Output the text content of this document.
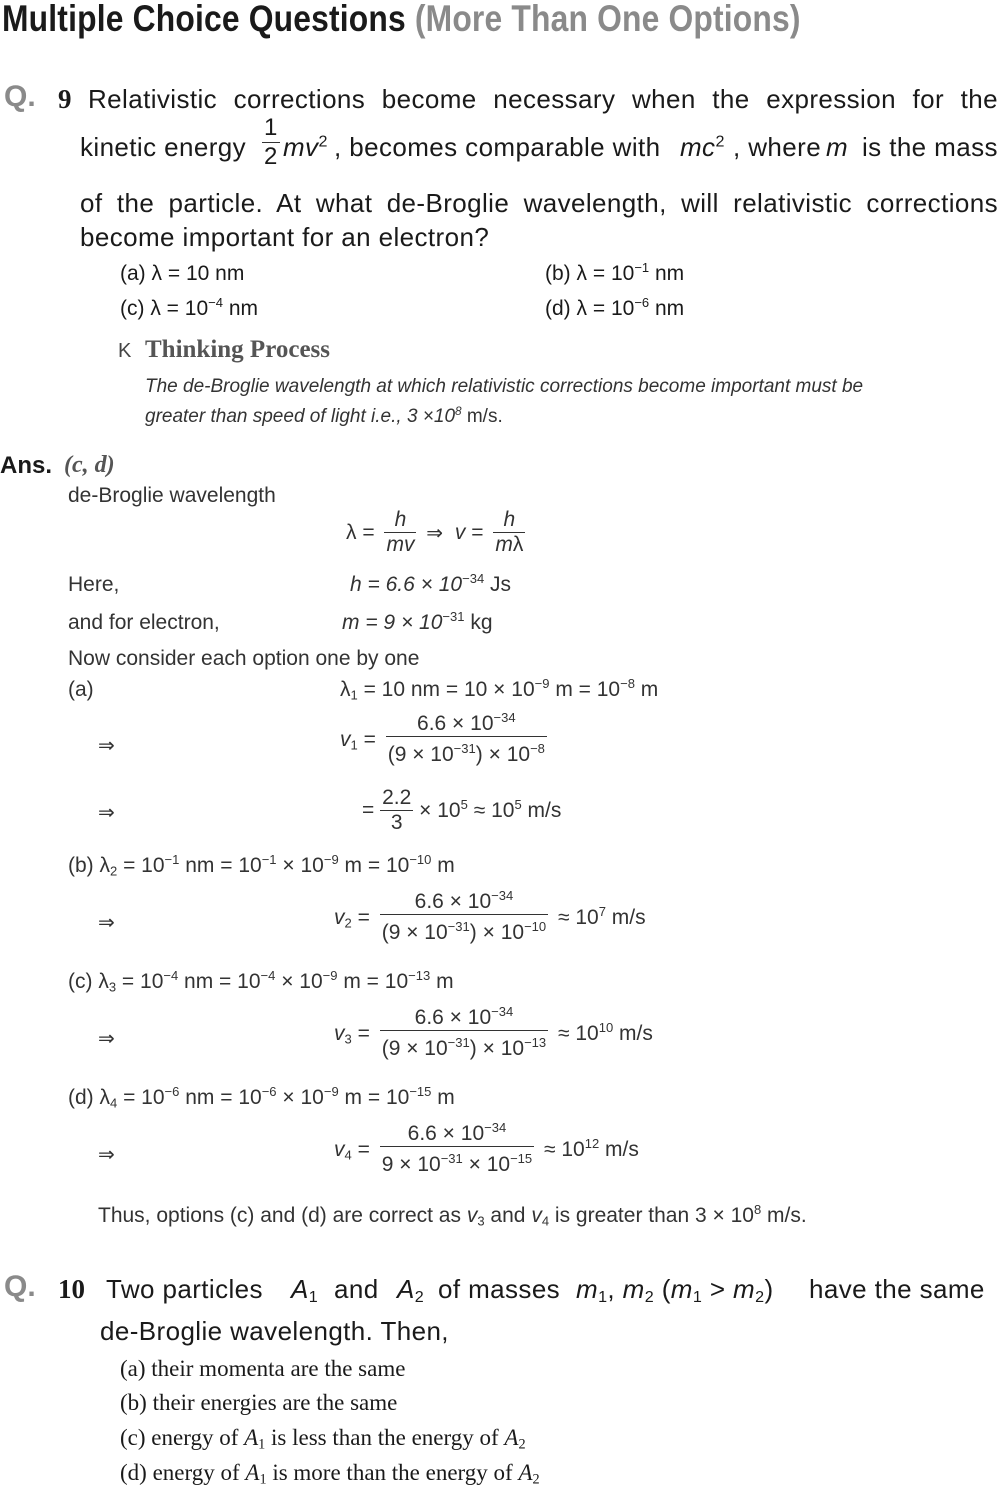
Multiple Choice Questions (More Than One Options)
Q. 9 Relativistic corrections become necessary when the expression for the
kinetic energy $\frac{1}{2} mv^2$ , becomes comparable with $mc^2$ , where m is the mass
of the particle. At what de-Broglie wavelength, will relativistic corrections
become important for an electron?
(a) λ = 10 nm	(b) $\lambda = 10^{-1}$ nm
(c) $\lambda = 10^{-4}$ nm	(d) $\lambda = 10^{-6}$ nm
K Thinking Process
The de-Broglie wavelength at which relativistic corrections become important must be
greater than speed of light i.e., $3 \times 10^8$ m/s.
Ans. (c, d)
de-Broglie wavelength
$\lambda = \frac{h}{mv}$ ⇒ $v = \frac{h}{m\lambda}$
Here,	$h = 6.6 \times 10^{-34}$ Js
and for electron,	$m = 9 \times 10^{-31}$ kg
Now consider each option one by one
(a)	$\lambda_1 = 10$ nm = $10 \times 10^{-9}$ $m = 10^{-8}$ m
⇒	$v_1 = \frac{6.6 \times 10^{-34}}{(9 \times 10^{-31}) \times 10^{-8}}$
⇒	= $\frac{2.2}{3} \times 10^5 \approx 10^5$ m/s
(b) $\lambda_2 = 10^{-1}$ nm = $10^{-1} \times 10^{-9}$ $m = 10^{-10}$ m
⇒	$v_2 = \frac{6.6 \times 10^{-34}}{(9 \times 10^{-31}) \times 10^{-10}} \approx 10^7$ m/s
(c) $\lambda_3 = 10^{-4}$ nm = $10^{-4} \times 10^{-9}$ $m = 10^{-13}$ m
⇒	$v_3 = \frac{6.6 \times 10^{-34}}{(9 \times 10^{-31}) \times 10^{-13}} \approx 10^{10}$ m/s
(d) $\lambda_4 = 10^{-6}$ nm = $10^{-6} \times 10^{-9}$ $m = 10^{-15}$ m
⇒	$v_4 = \frac{6.6 \times 10^{-34}}{9 \times 10^{-31} \times 10^{-15}} \approx 10^{12}$ m/s
Thus, options (c) and (d) are correct as $v_3$ and $v_4$ is greater than $3 \times 10^8$ m/s.
Q. 10 Two particles $A_1$ and $A_2$ of masses $m_1$, $m_2$ $(m_1 > m_2)$ have the same
de-Broglie wavelength. Then,
(a) their momenta are the same
(b) their energies are the same
(c) energy of $A_1$ is less than the energy of $A_2$
(d) energy of $A_1$ is more than the energy of $A_2$
